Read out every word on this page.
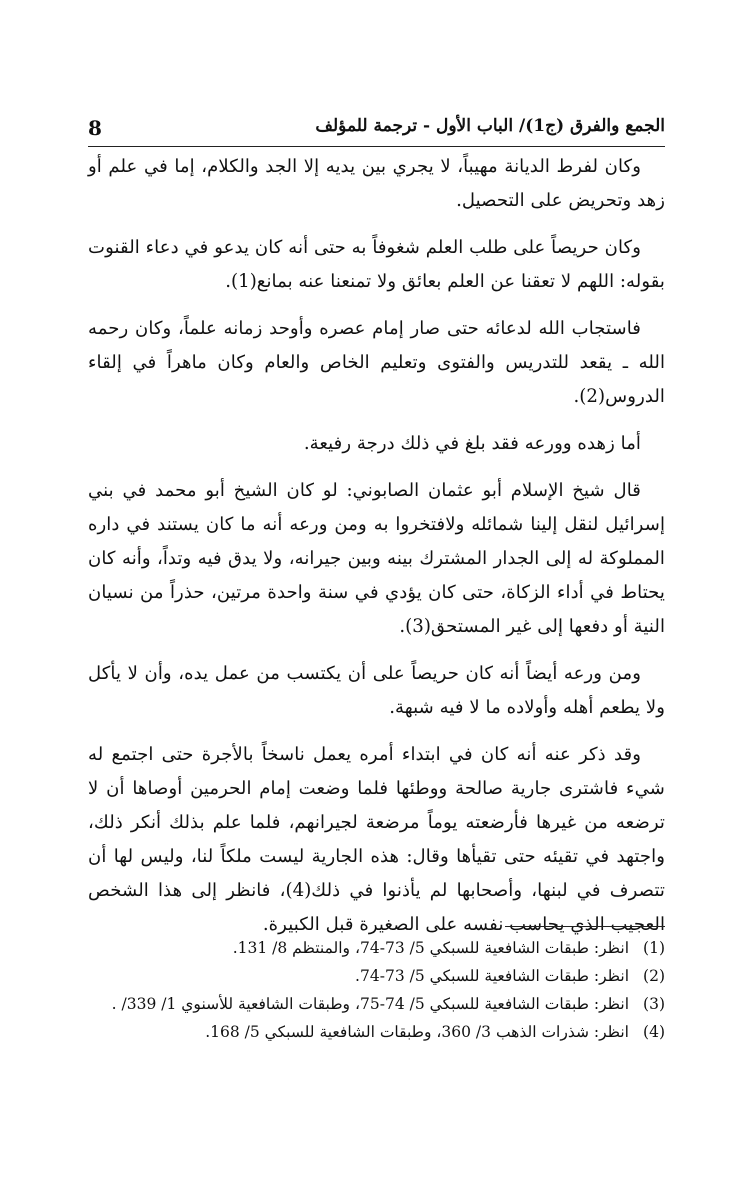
8	الجمع والفرق (ج1)/ الباب الأول - ترجمة للمؤلف

وكان لفرط الديانة مهيباً، لا يجري بين يديه إلا الجد والكلام، إما في علم أو زهد وتحريض على التحصيل.

وكان حريصاً على طلب العلم شغوفاً به حتى أنه كان يدعو في دعاء القنوت بقوله: اللهم لا تعقنا عن العلم بعائق ولا تمنعنا عنه بمانع(1).

فاستجاب الله لدعائه حتى صار إمام عصره وأوحد زمانه علماً، وكان رحمه الله ـ يقعد للتدريس والفتوى وتعليم الخاص والعام وكان ماهراً في إلقاء الدروس(2).

أما زهده وورعه فقد بلغ في ذلك درجة رفيعة.

قال شيخ الإسلام أبو عثمان الصابوني: لو كان الشيخ أبو محمد في بني إسرائيل لنقل إلينا شمائله ولافتخروا به ومن ورعه أنه ما كان يستند في داره المملوكة له إلى الجدار المشترك بينه وبين جيرانه، ولا يدق فيه وتداً، وأنه كان يحتاط في أداء الزكاة، حتى كان يؤدي في سنة واحدة مرتين، حذراً من نسيان النية أو دفعها إلى غير المستحق(3).

ومن ورعه أيضاً أنه كان حريصاً على أن يكتسب من عمل يده، وأن لا يأكل ولا يطعم أهله وأولاده ما لا فيه شبهة.

وقد ذكر عنه أنه كان في ابتداء أمره يعمل ناسخاً بالأجرة حتى اجتمع له شيء فاشترى جارية صالحة ووطئها فلما وضعت إمام الحرمين أوصاها أن لا ترضعه من غيرها فأرضعته يوماً مرضعة لجيرانهم، فلما علم بذلك أنكر ذلك، واجتهد في تقيئه حتى تقيأها وقال: هذه الجارية ليست ملكاً لنا، وليس لها أن تتصرف في لبنها، وأصحابها لم يأذنوا في ذلك(4)، فانظر إلى هذا الشخص العجيب الذي يحاسب نفسه على الصغيرة قبل الكبيرة.

(1)انظر: طبقات الشافعية للسبكي 5/ 73-74، والمنتظم 8/ 131.
(2)انظر: طبقات الشافعية للسبكي 5/ 73-74.
(3)انظر: طبقات الشافعية للسبكي 5/ 74-75، وطبقات الشافعية للأسنوي 1/ 339/ .
(4)انظر: شذرات الذهب 3/ 360، وطبقات الشافعية للسبكي 5/ 168.
